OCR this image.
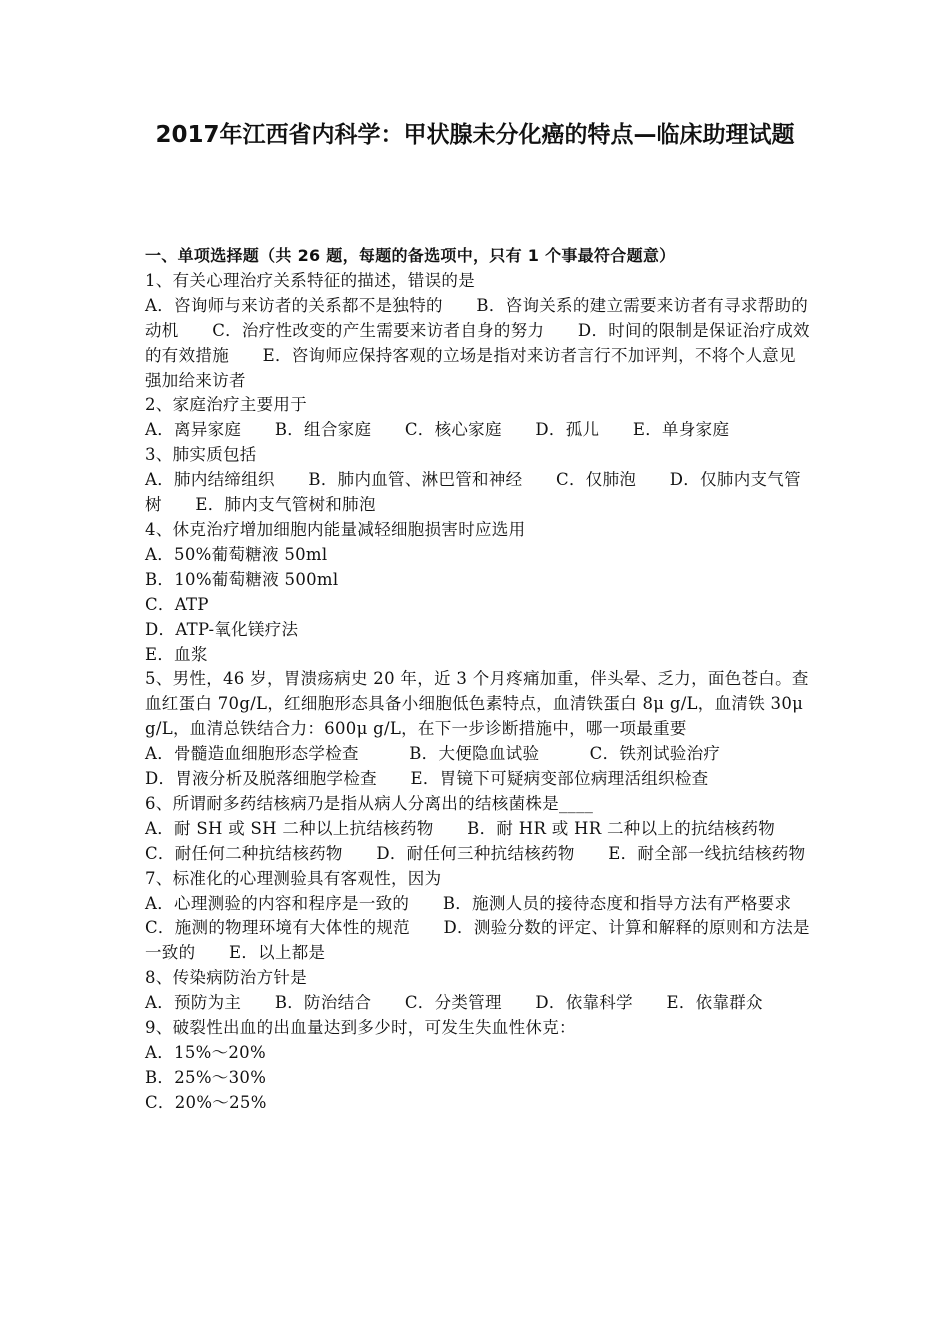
2017年江西省内科学：甲状腺未分化癌的特点—临床助理试题

一、单项选择题（共 26 题，每题的备选项中，只有 1 个事最符合题意）

1、有关心理治疗关系特征的描述，错误的是

A．咨询师与来访者的关系都不是独特的　　B．咨询关系的建立需要来访者有寻求帮助的动机　　C．治疗性改变的产生需要来访者自身的努力　　D．时间的限制是保证治疗成效的有效措施　　E．咨询师应保持客观的立场是指对来访者言行不加评判，不将个人意见强加给来访者

2、家庭治疗主要用于

A．离异家庭　　B．组合家庭　　C．核心家庭　　D．孤儿　　E．单身家庭

3、肺实质包括

A．肺内结缔组织　　B．肺内血管、淋巴管和神经　　C．仅肺泡　　D．仅肺内支气管树　　E．肺内支气管树和肺泡

4、休克治疗增加细胞内能量减轻细胞损害时应选用

A．50%葡萄糖液 50ml

B．10%葡萄糖液 500ml

C．ATP

D．ATP-氧化镁疗法

E．血浆

5、男性，46 岁，胃溃疡病史 20 年，近 3 个月疼痛加重，伴头晕、乏力，面色苍白。查血红蛋白 70g/L，红细胞形态具备小细胞低色素特点，血清铁蛋白 8μ g/L，血清铁 30μ g/L，血清总铁结合力：600μ g/L，在下一步诊断措施中，哪一项最重要

A．骨髓造血细胞形态学检查　　　B．大便隐血试验　　　C．铁剂试验治疗

D．胃液分析及脱落细胞学检查　　E．胃镜下可疑病变部位病理活组织检查

6、所谓耐多药结核病乃是指从病人分离出的结核菌株是____

A．耐 SH 或 SH 二种以上抗结核药物　　B．耐 HR 或 HR 二种以上的抗结核药物　　C．耐任何二种抗结核药物　　D．耐任何三种抗结核药物　　E．耐全部一线抗结核药物

7、标准化的心理测验具有客观性，因为

A．心理测验的内容和程序是一致的　　B．施测人员的接待态度和指导方法有严格要求　　C．施测的物理环境有大体性的规范　　D．测验分数的评定、计算和解释的原则和方法是一致的　　E．以上都是

8、传染病防治方针是

A．预防为主　　B．防治结合　　C．分类管理　　D．依靠科学　　E．依靠群众

9、破裂性出血的出血量达到多少时，可发生失血性休克：

A．15%～20%

B．25%～30%

C．20%～25%
